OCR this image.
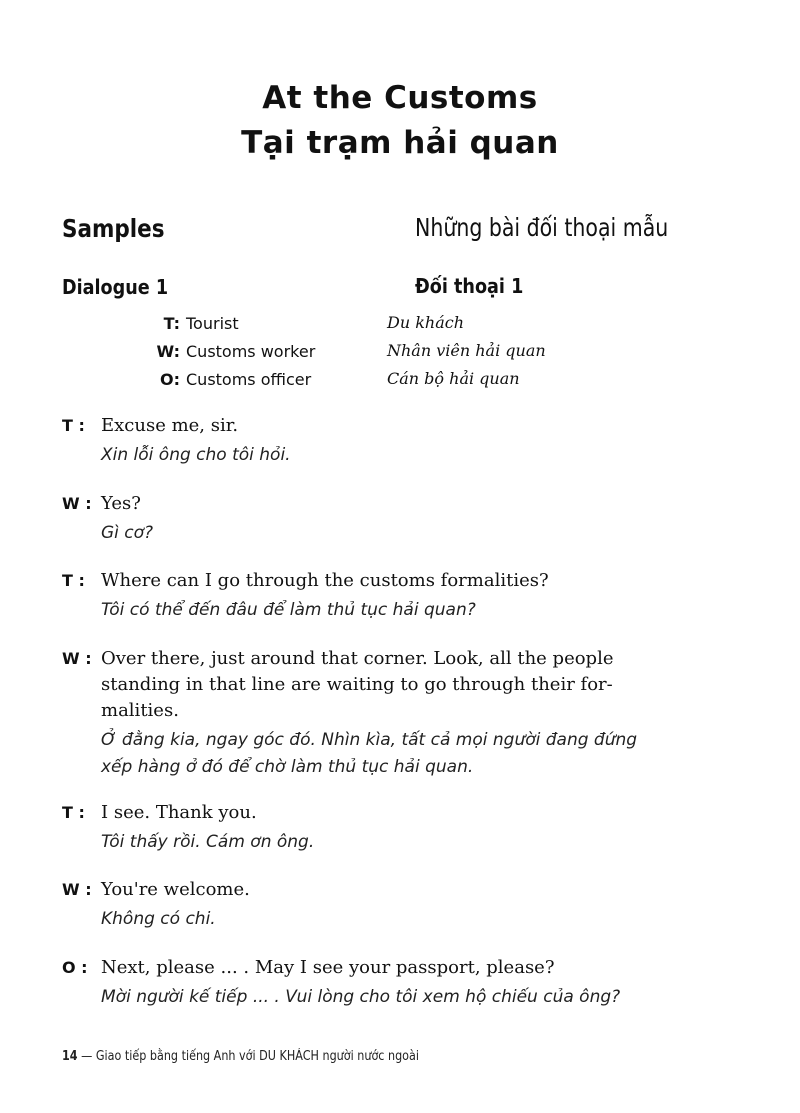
At the Customs
Tại trạm hải quan
Samples	Những bài đối thoại mẫu
Dialogue 1	Đối thoại 1
T: Tourist	Du khách
W: Customs worker	Nhân viên hải quan
O: Customs officer	Cán bộ hải quan
T : Excuse me, sir.
Xin lỗi ông cho tôi hỏi.
W : Yes?
Gì cơ?
T : Where can I go through the customs formalities?
Tôi có thể đến đâu để làm thủ tục hải quan?
W : Over there, just around that corner. Look, all the people
standing in that line are waiting to go through their for-
malities.
Ở đằng kia, ngay góc đó. Nhìn kìa, tất cả mọi người đang đứng
xếp hàng ở đó để chờ làm thủ tục hải quan.
T : I see. Thank you.
Tôi thấy rồi. Cám ơn ông.
W : You're welcome.
Không có chi.
O : Next, please ... . May I see your passport, please?
Mời người kế tiếp ... . Vui lòng cho tôi xem hộ chiếu của ông?
14 — Giao tiếp bằng tiếng Anh với DU KHÁCH người nước ngoài
